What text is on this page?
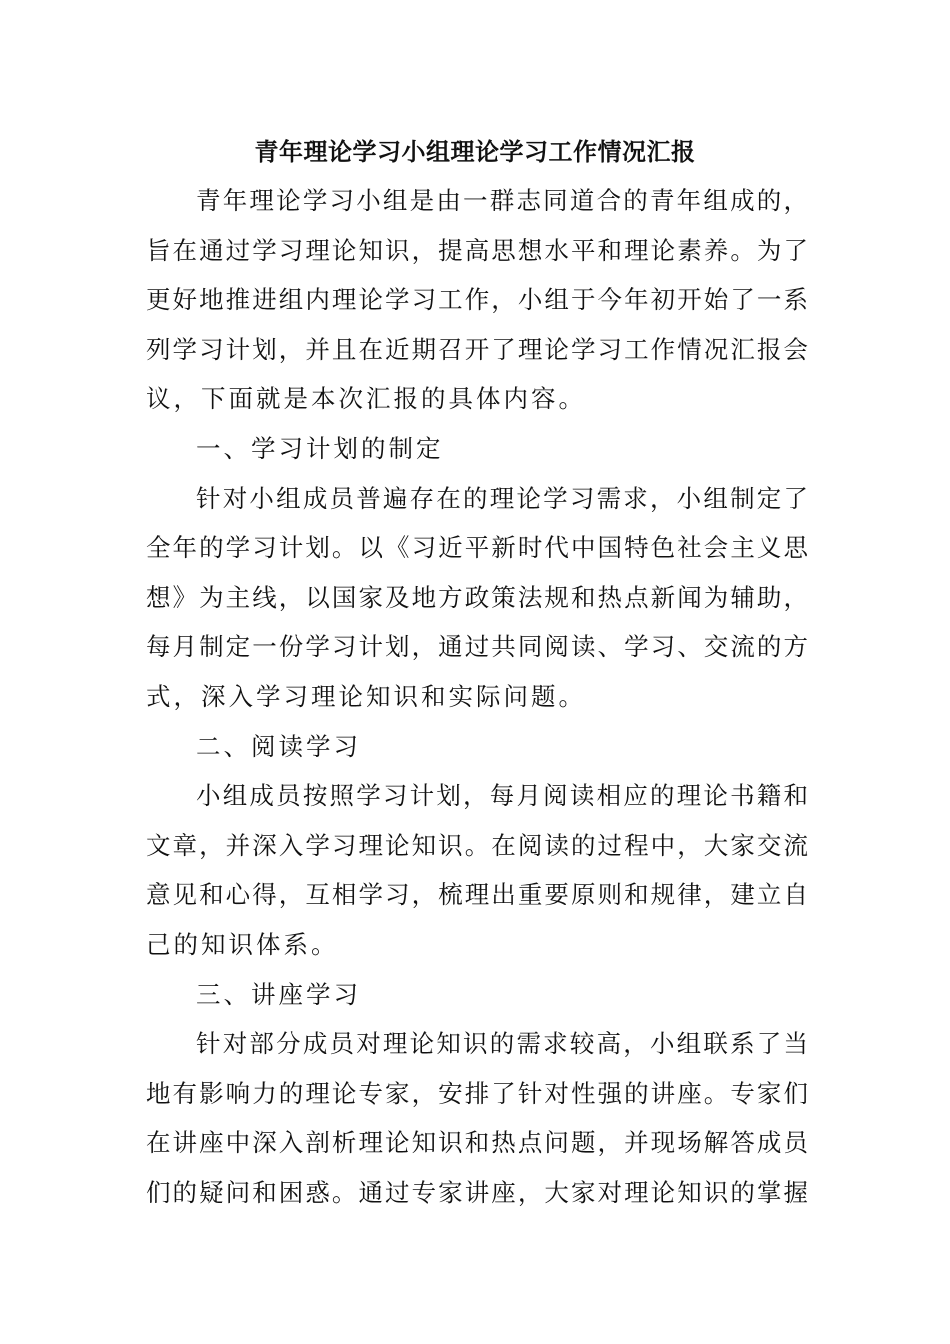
青年理论学习小组理论学习工作情况汇报
青年理论学习小组是由一群志同道合的青年组成的，
旨在通过学习理论知识，提高思想水平和理论素养。为了
更好地推进组内理论学习工作，小组于今年初开始了一系
列学习计划，并且在近期召开了理论学习工作情况汇报会
议，下面就是本次汇报的具体内容。
一、学习计划的制定
针对小组成员普遍存在的理论学习需求，小组制定了
全年的学习计划。以《习近平新时代中国特色社会主义思
想》为主线，以国家及地方政策法规和热点新闻为辅助，
每月制定一份学习计划，通过共同阅读、学习、交流的方
式，深入学习理论知识和实际问题。
二、阅读学习
小组成员按照学习计划，每月阅读相应的理论书籍和
文章，并深入学习理论知识。在阅读的过程中，大家交流
意见和心得，互相学习，梳理出重要原则和规律，建立自
己的知识体系。
三、讲座学习
针对部分成员对理论知识的需求较高，小组联系了当
地有影响力的理论专家，安排了针对性强的讲座。专家们
在讲座中深入剖析理论知识和热点问题，并现场解答成员
们的疑问和困惑。通过专家讲座，大家对理论知识的掌握
